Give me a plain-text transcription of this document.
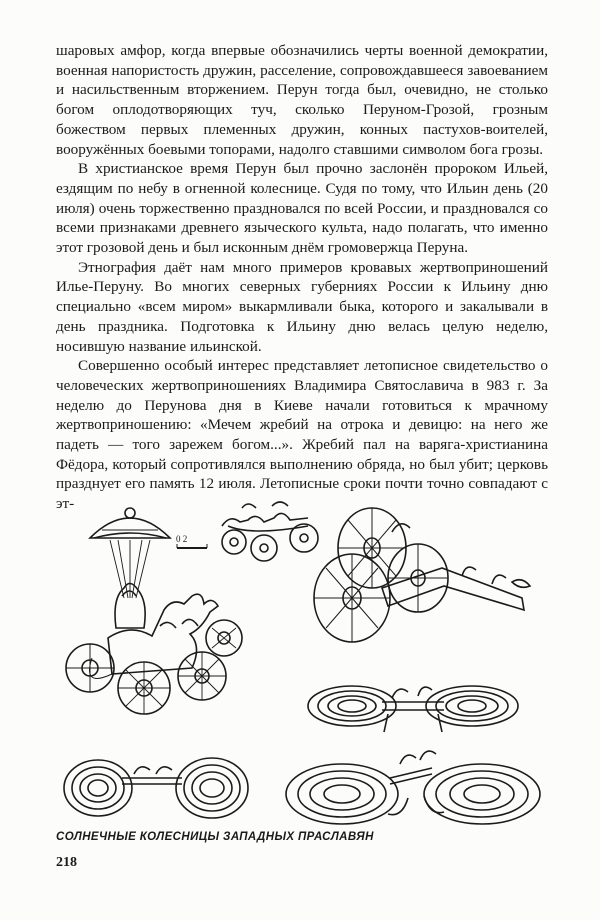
шаровых амфор, когда впервые обозначились черты военной демократии, военная напористость дружин, расселение, сопровождавшееся завоеванием и насильственным вторжением. Перун тогда был, очевидно, не столько богом оплодотворяющих туч, сколько Перуном-Грозой, грозным божеством первых племенных дружин, конных пастухов-воителей, вооружённых боевыми топорами, надолго ставшими символом бога грозы.

В христианское время Перун был прочно заслонён пророком Ильей, ездящим по небу в огненной колеснице. Судя по тому, что Ильин день (20 июля) очень торжественно праздновался по всей России, и праздновался со всеми признаками древнего языческого культа, надо полагать, что именно этот грозовой день и был исконным днём громовержца Перуна.

Этнография даёт нам много примеров кровавых жертвоприношений Илье-Перуну. Во многих северных губерниях России к Ильину дню специально «всем миром» выкармливали быка, которого и закалывали в день праздника. Подготовка к Ильину дню велась целую неделю, носившую название ильинской.

Совершенно особый интерес представляет летописное свидетельство о человеческих жертвоприношениях Владимира Святославича в 983 г. За неделю до Перунова дня в Киеве начали готовиться к мрачному жертвоприношению: «Мечем жребий на отрока и девицю: на него же падеть — того зарежем богом...». Жребий пал на варяга-христианина Фёдора, который сопротивлялся выполнению обряда, но был убит; церковь празднует его память 12 июля. Летописные сроки почти точно совпадают с эт-

0 2
СОЛНЕЧНЫЕ КОЛЕСНИЦЫ ЗАПАДНЫХ ПРАСЛАВЯН
218
